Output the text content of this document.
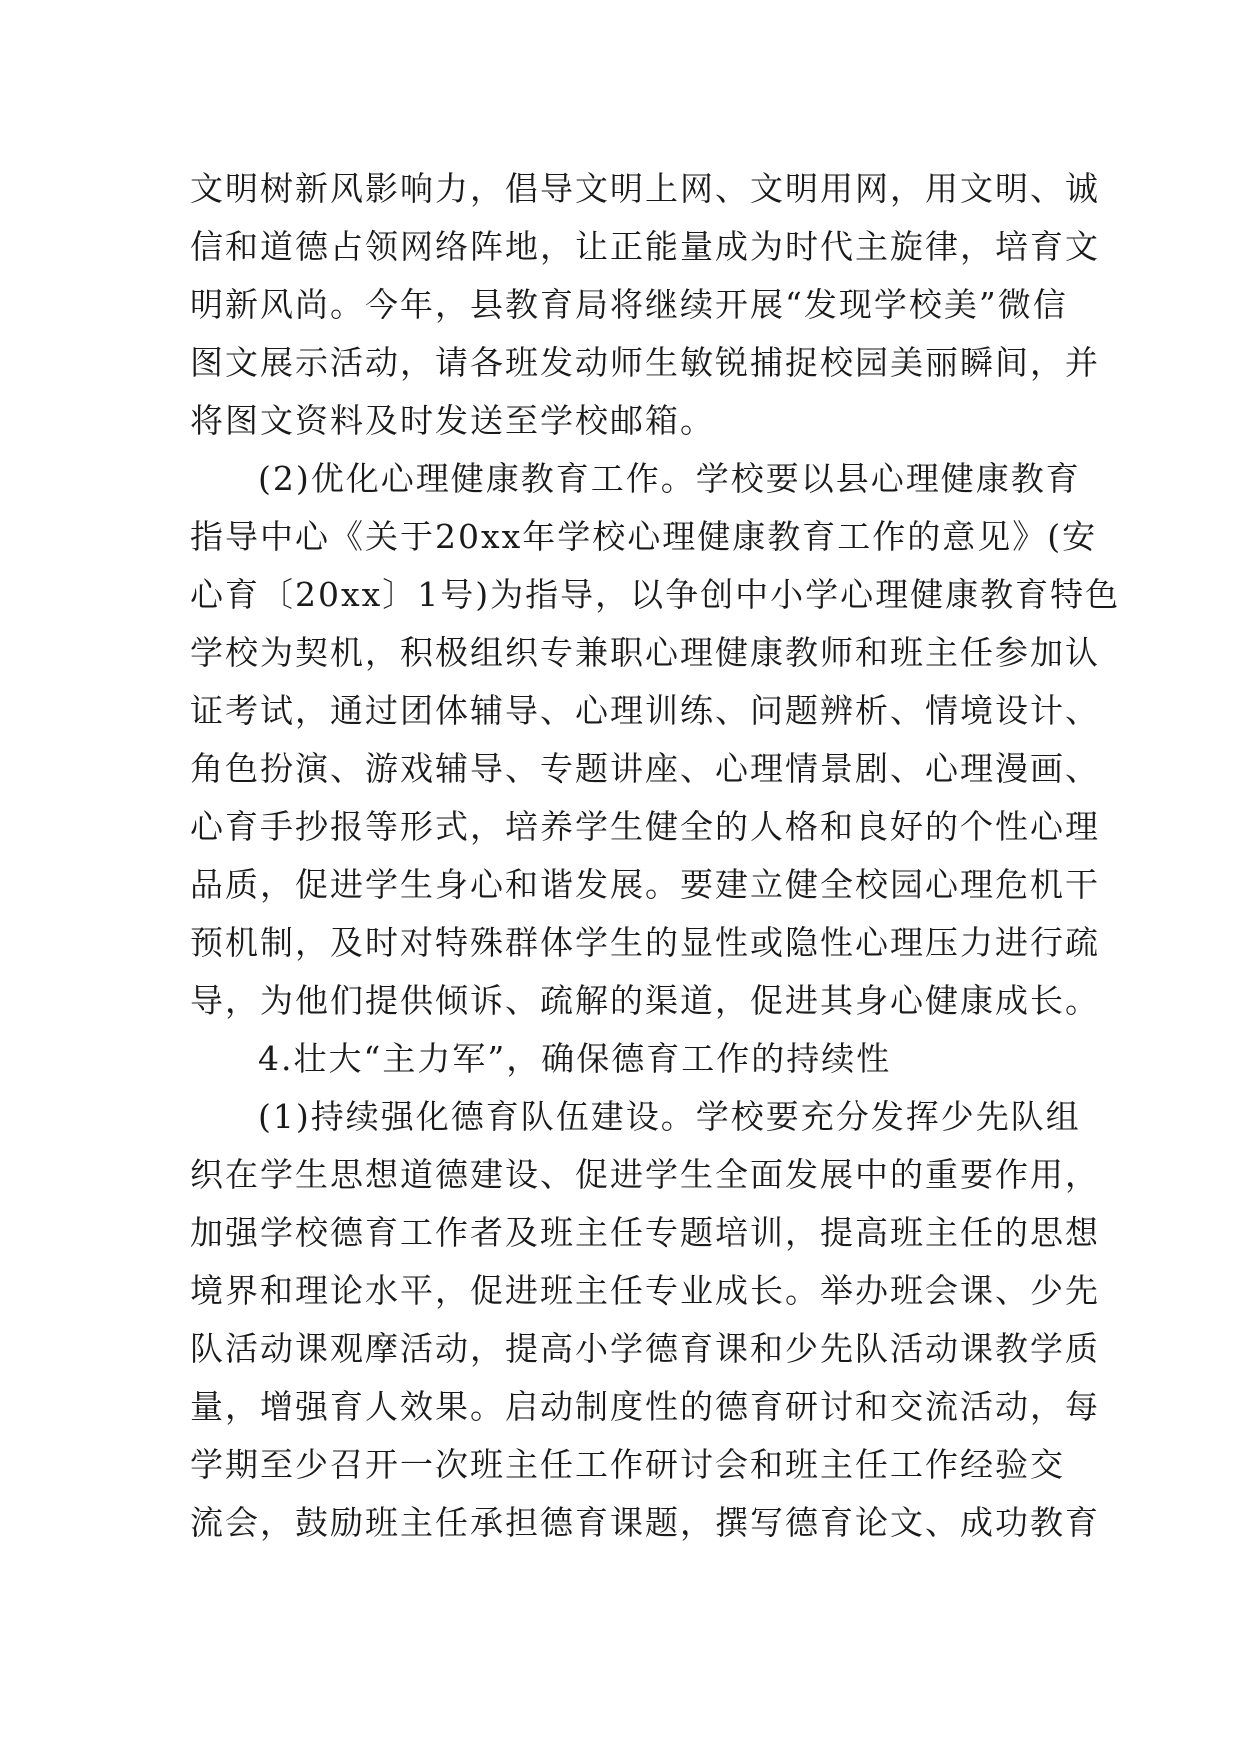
文明树新风影响力，倡导文明上网、文明用网，用文明、诚
信和道德占领网络阵地，让正能量成为时代主旋律，培育文
明新风尚。今年，县教育局将继续开展“发现学校美”微信
图文展示活动，请各班发动师生敏锐捕捉校园美丽瞬间，并
将图文资料及时发送至学校邮箱。
(2)优化心理健康教育工作。学校要以县心理健康教育
指导中心《关于20xx年学校心理健康教育工作的意见》(安
心育〔20xx〕1号)为指导，以争创中小学心理健康教育特色
学校为契机，积极组织专兼职心理健康教师和班主任参加认
证考试，通过团体辅导、心理训练、问题辨析、情境设计、
角色扮演、游戏辅导、专题讲座、心理情景剧、心理漫画、
心育手抄报等形式，培养学生健全的人格和良好的个性心理
品质，促进学生身心和谐发展。要建立健全校园心理危机干
预机制，及时对特殊群体学生的显性或隐性心理压力进行疏
导，为他们提供倾诉、疏解的渠道，促进其身心健康成长。
4.壮大“主力军”，确保德育工作的持续性
(1)持续强化德育队伍建设。学校要充分发挥少先队组
织在学生思想道德建设、促进学生全面发展中的重要作用，
加强学校德育工作者及班主任专题培训，提高班主任的思想
境界和理论水平，促进班主任专业成长。举办班会课、少先
队活动课观摩活动，提高小学德育课和少先队活动课教学质
量，增强育人效果。启动制度性的德育研讨和交流活动，每
学期至少召开一次班主任工作研讨会和班主任工作经验交
流会，鼓励班主任承担德育课题，撰写德育论文、成功教育
